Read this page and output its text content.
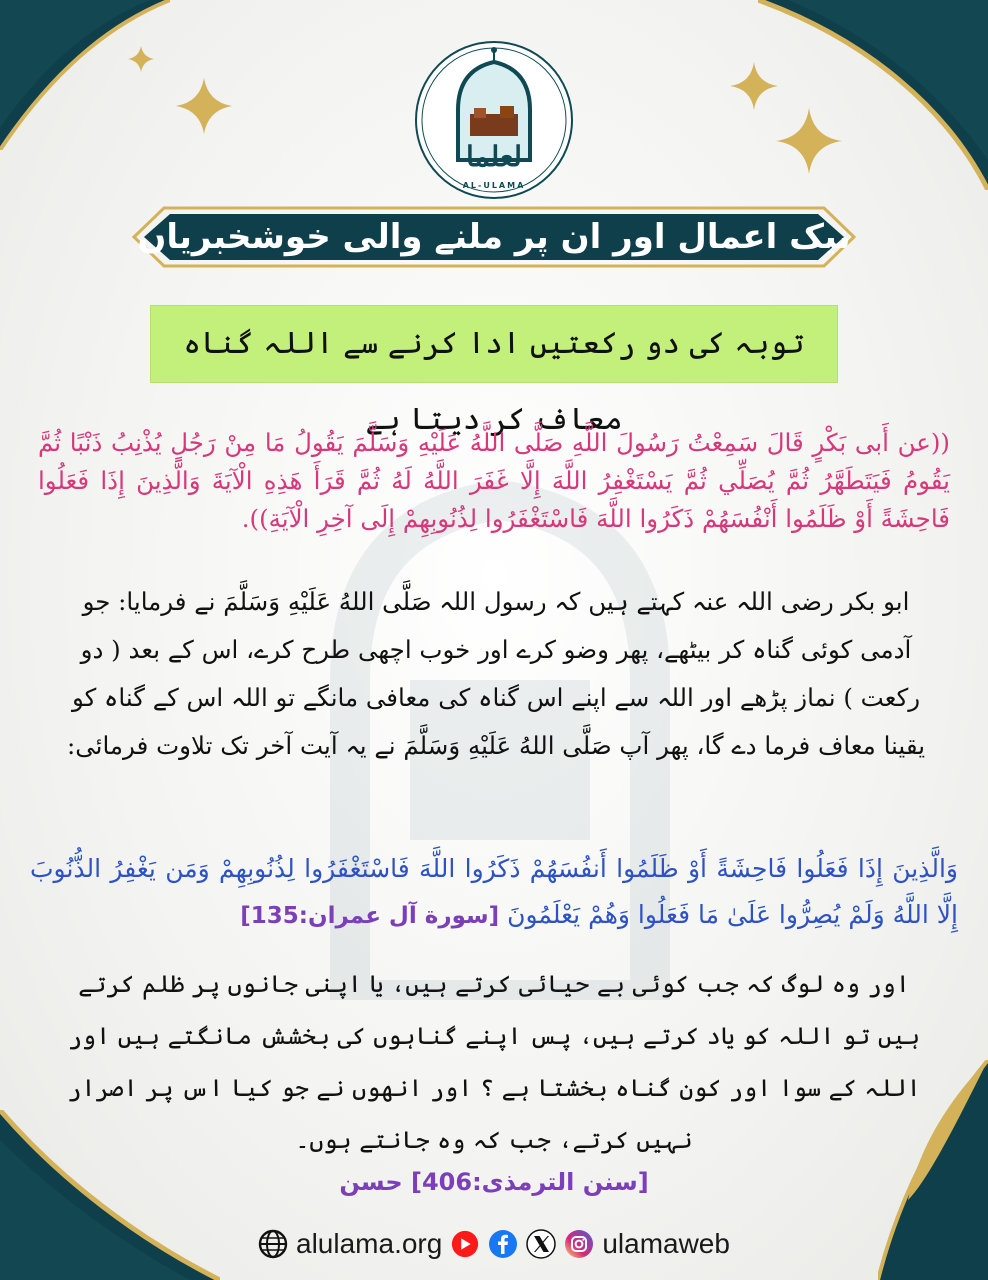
لعلما
AL-ULAMA
نیک اعمال اور ان پر ملنے والی خوشخبریاں
توبہ کی دو رکعتیں ادا کرنے سے اللہ گناہ معاف کر دیتا ہے
((عن أَبی بَكْرٍ قَالَ سَمِعْتُ رَسُولَ اللَّهِ صَلَّى اللَّهُ عَلَيْهِ وَسَلَّمَ يَقُولُ مَا مِنْ رَجُلٍ يُذْنِبُ ذَنْبًا ثُمَّ يَقُومُ فَيَتَطَهَّرُ ثُمَّ يُصَلِّي ثُمَّ يَسْتَغْفِرُ اللَّهَ إِلَّا غَفَرَ اللَّهُ لَهُ ثُمَّ قَرَأَ هَذِهِ الْآيَةَ وَالَّذِينَ إِذَا فَعَلُوا فَاحِشَةً أَوْ ظَلَمُوا أَنْفُسَهُمْ ذَكَرُوا اللَّهَ فَاسْتَغْفَرُوا لِذُنُوبِهِمْ إِلَى آخِرِ الْآيَةِ)).
ابو بکر رضی اللہ عنہ کہتے ہیں کہ رسول اللہ صَلَّى اللهُ عَلَيْهِ وَسَلَّمَ نے فرمایا: جو آدمی کوئی گناہ کر بیٹھے، پھر وضو کرے اور خوب اچھی طرح کرے، اس کے بعد ( دو رکعت ) نماز پڑھے اور اللہ سے اپنے اس گناہ کی معافی مانگے تو اللہ اس کے گناہ کو یقینا معاف فرما دے گا، پھر آپ صَلَّى اللهُ عَلَيْهِ وَسَلَّمَ نے یہ آیت آخر تک تلاوت فرمائی:
وَالَّذِينَ إِذَا فَعَلُوا فَاحِشَةً أَوْ ظَلَمُوا أَنفُسَهُمْ ذَكَرُوا اللَّهَ فَاسْتَغْفَرُوا لِذُنُوبِهِمْ وَمَن يَغْفِرُ الذُّنُوبَ إِلَّا اللَّهُ وَلَمْ يُصِرُّوا عَلَىٰ مَا فَعَلُوا وَهُمْ يَعْلَمُونَ [سورة آل عمران:135]
اور وہ لوگ کہ جب کوئی بے حیائی کرتے ہیں، یا اپنی جانوں پر ظلم کرتے ہیں تو اللہ کو یاد کرتے ہیں، پس اپنے گناہوں کی بخشش مانگتے ہیں اور اللہ کے سوا اور کون گناہ بخشتا ہے ؟ اور انھوں نے جو کیا اس پر اصرار نہیں کرتے، جب کہ وہ جانتے ہوں۔
[سنن الترمذی:406] حسن
alulama.org	ulamaweb
